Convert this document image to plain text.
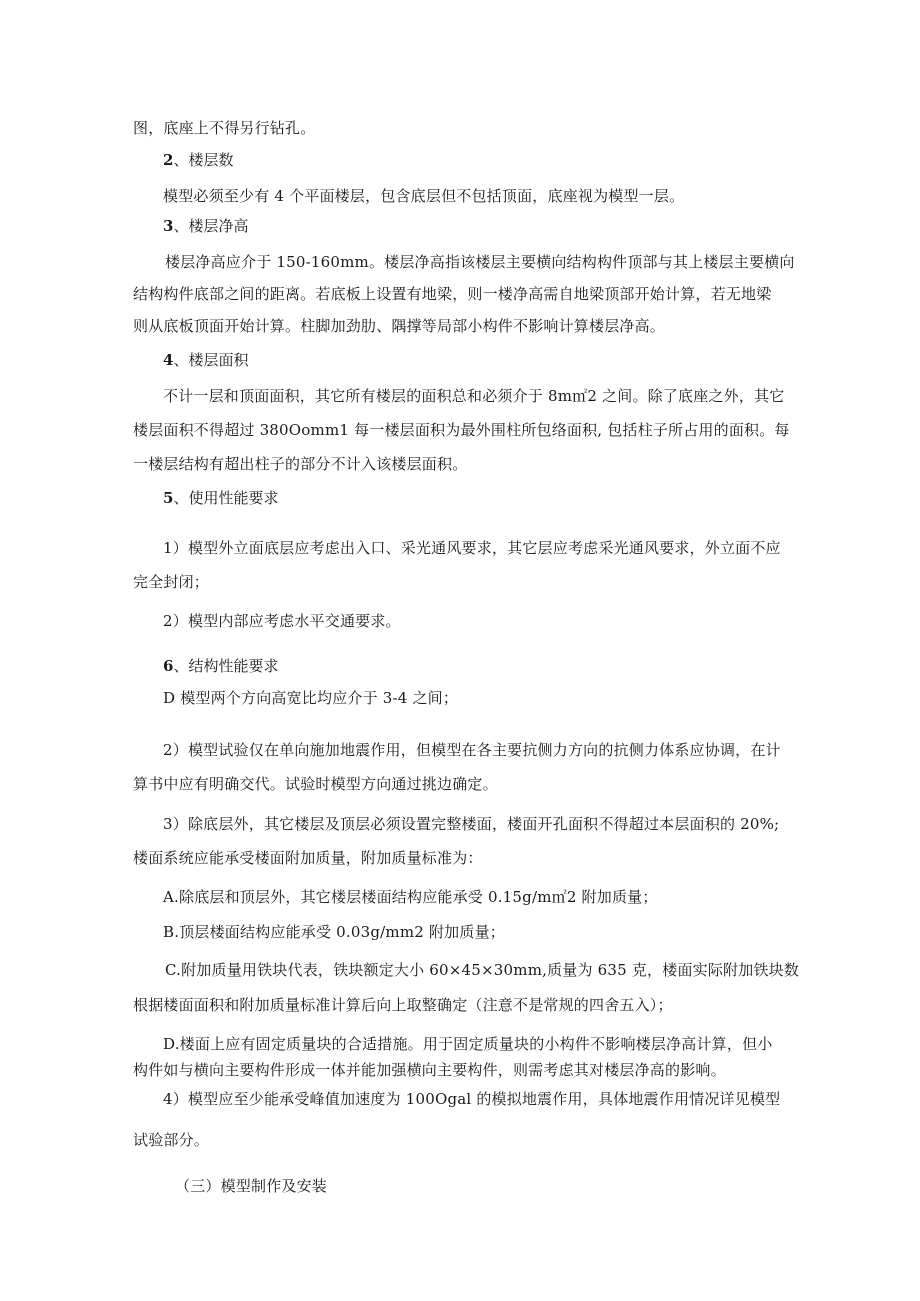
图，底座上不得另行钻孔。
2、楼层数
模型必须至少有 4 个平面楼层，包含底层但不包括顶面，底座视为模型一层。
3、楼层净高
楼层净高应介于 150-160mm。楼层净高指该楼层主要横向结构构件顶部与其上楼层主要横向
结构构件底部之间的距离。若底板上设置有地梁，则一楼净高需自地梁顶部开始计算，若无地梁
则从底板顶面开始计算。柱脚加劲肋、隅撑等局部小构件不影响计算楼层净高。
4、楼层面积
不计一层和顶面面积，其它所有楼层的面积总和必须介于 8m㎡2 之间。除了底座之外，其它
楼层面积不得超过 380Oomm1 每一楼层面积为最外围柱所包络面积, 包括柱子所占用的面积。每
一楼层结构有超出柱子的部分不计入该楼层面积。
5、使用性能要求
1）模型外立面底层应考虑出入口、采光通风要求，其它层应考虑采光通风要求，外立面不应
完全封闭；
2）模型内部应考虑水平交通要求。
6、结构性能要求
D 模型两个方向高宽比均应介于 3-4 之间；
2）模型试验仅在单向施加地震作用，但模型在各主要抗侧力方向的抗侧力体系应协调，在计
算书中应有明确交代。试验时模型方向通过挑边确定。
3）除底层外，其它楼层及顶层必须设置完整楼面，楼面开孔面积不得超过本层面积的 20%;
楼面系统应能承受楼面附加质量，附加质量标准为：
A.除底层和顶层外，其它楼层楼面结构应能承受 0.15g/m㎡2 附加质量；
B.顶层楼面结构应能承受 0.03g/mm2 附加质量；
C.附加质量用铁块代表，铁块额定大小 60×45×30mm,质量为 635 克，楼面实际附加铁块数
根据楼面面积和附加质量标准计算后向上取整确定（注意不是常规的四舍五入）；
D.楼面上应有固定质量块的合适措施。用于固定质量块的小构件不影响楼层净高计算，但小
构件如与横向主要构件形成一体并能加强横向主要构件，则需考虑其对楼层净高的影响。
4）模型应至少能承受峰值加速度为 100Ogal 的模拟地震作用，具体地震作用情况详见模型
试验部分。
（三）模型制作及安装
